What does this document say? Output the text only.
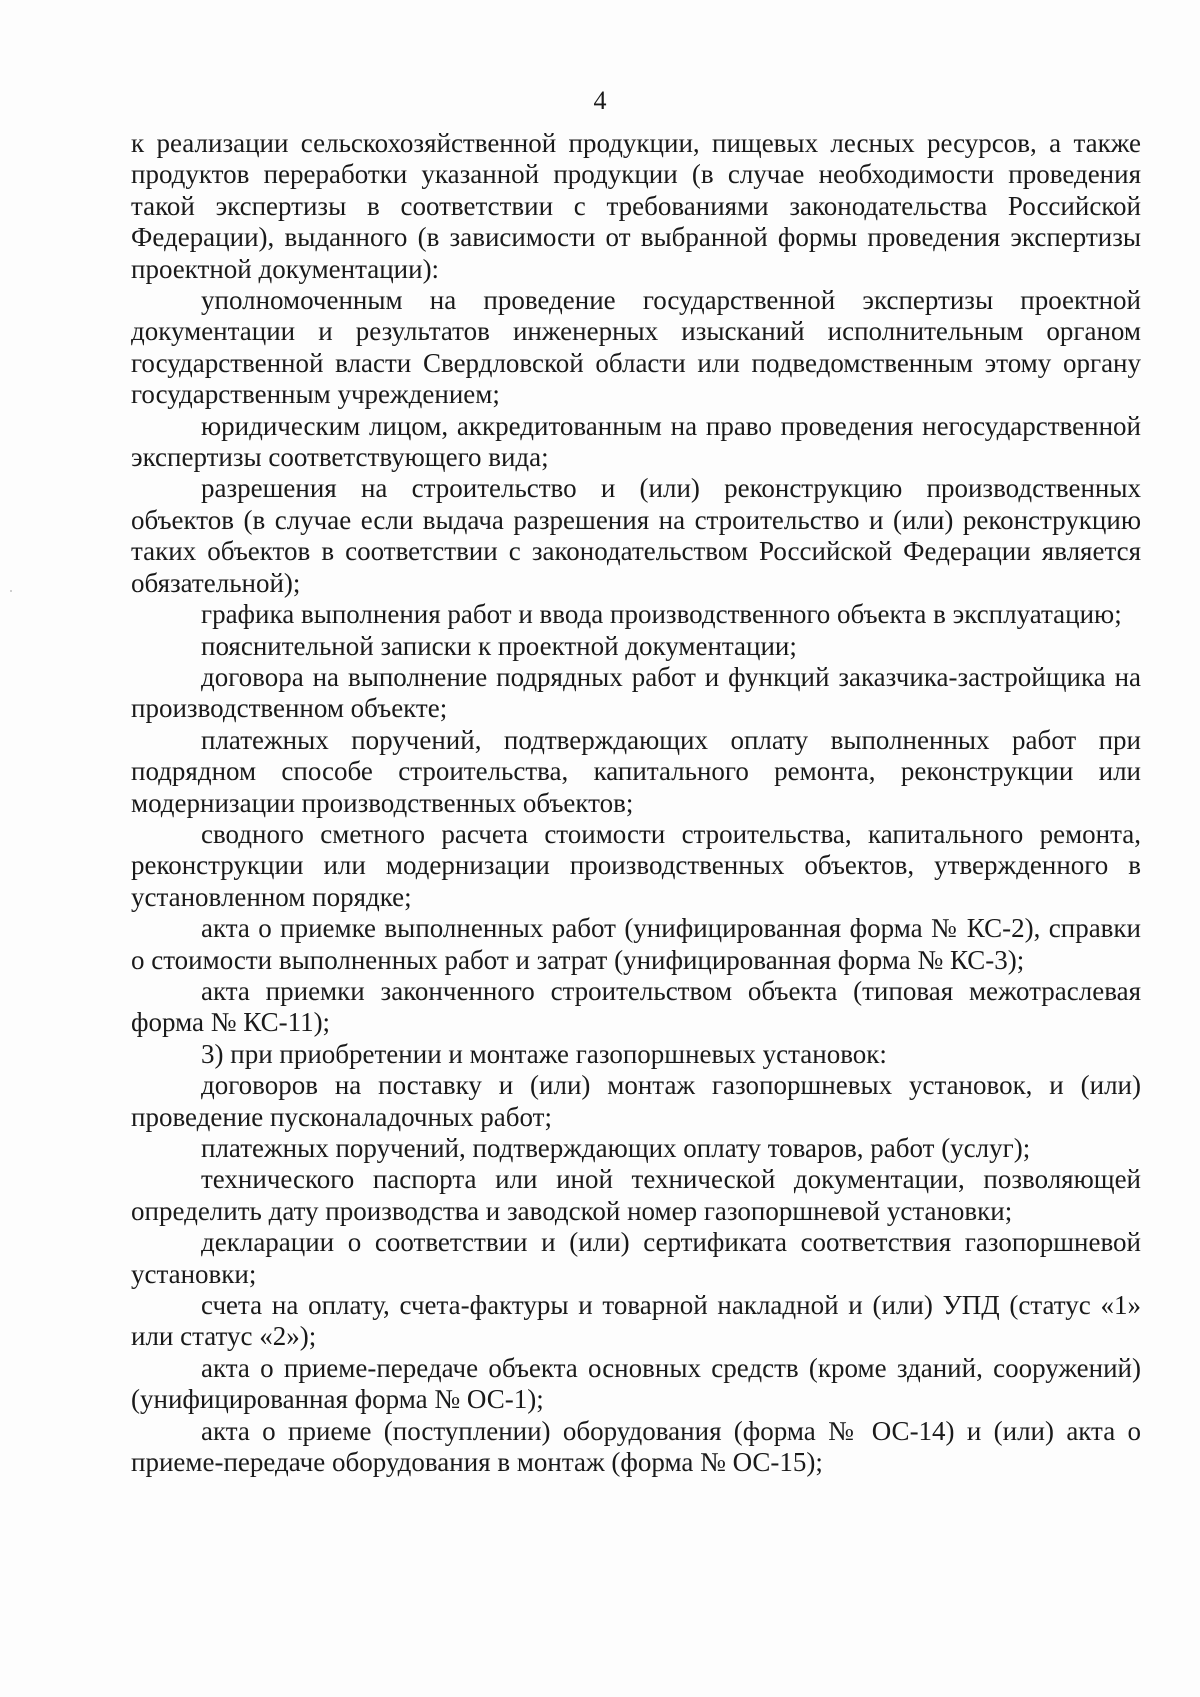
4

к реализации сельскохозяйственной продукции, пищевых лесных ресурсов, а также продуктов переработки указанной продукции (в случае необходимости проведения такой экспертизы в соответствии с требованиями законодательства Российской Федерации), выданного (в зависимости от выбранной формы проведения экспертизы проектной документации):

уполномоченным на проведение государственной экспертизы проектной документации и результатов инженерных изысканий исполнительным органом государственной власти Свердловской области или подведомственным этому органу государственным учреждением;

юридическим лицом, аккредитованным на право проведения негосударственной экспертизы соответствующего вида;

разрешения на строительство и (или) реконструкцию производственных объектов (в случае если выдача разрешения на строительство и (или) реконструкцию таких объектов в соответствии с законодательством Российской Федерации является обязательной);

графика выполнения работ и ввода производственного объекта в эксплуатацию;

пояснительной записки к проектной документации;

договора на выполнение подрядных работ и функций заказчика-застройщика на производственном объекте;

платежных поручений, подтверждающих оплату выполненных работ при подрядном способе строительства, капитального ремонта, реконструкции или модернизации производственных объектов;

сводного сметного расчета стоимости строительства, капитального ремонта, реконструкции или модернизации производственных объектов, утвержденного в установленном порядке;

акта о приемке выполненных работ (унифицированная форма № КС-2), справки о стоимости выполненных работ и затрат (унифицированная форма № КС-3);

акта приемки законченного строительством объекта (типовая межотраслевая форма № КС-11);

3) при приобретении и монтаже газопоршневых установок:

договоров на поставку и (или) монтаж газопоршневых установок, и (или) проведение пусконаладочных работ;

платежных поручений, подтверждающих оплату товаров, работ (услуг);

технического паспорта или иной технической документации, позволяющей определить дату производства и заводской номер газопоршневой установки;

декларации о соответствии и (или) сертификата соответствия газопоршневой установки;

счета на оплату, счета-фактуры и товарной накладной и (или) УПД (статус «1» или статус «2»);

акта о приеме-передаче объекта основных средств (кроме зданий, сооружений) (унифицированная форма № ОС-1);

акта о приеме (поступлении) оборудования (форма № ОС-14) и (или) акта о приеме-передаче оборудования в монтаж (форма № ОС-15);
